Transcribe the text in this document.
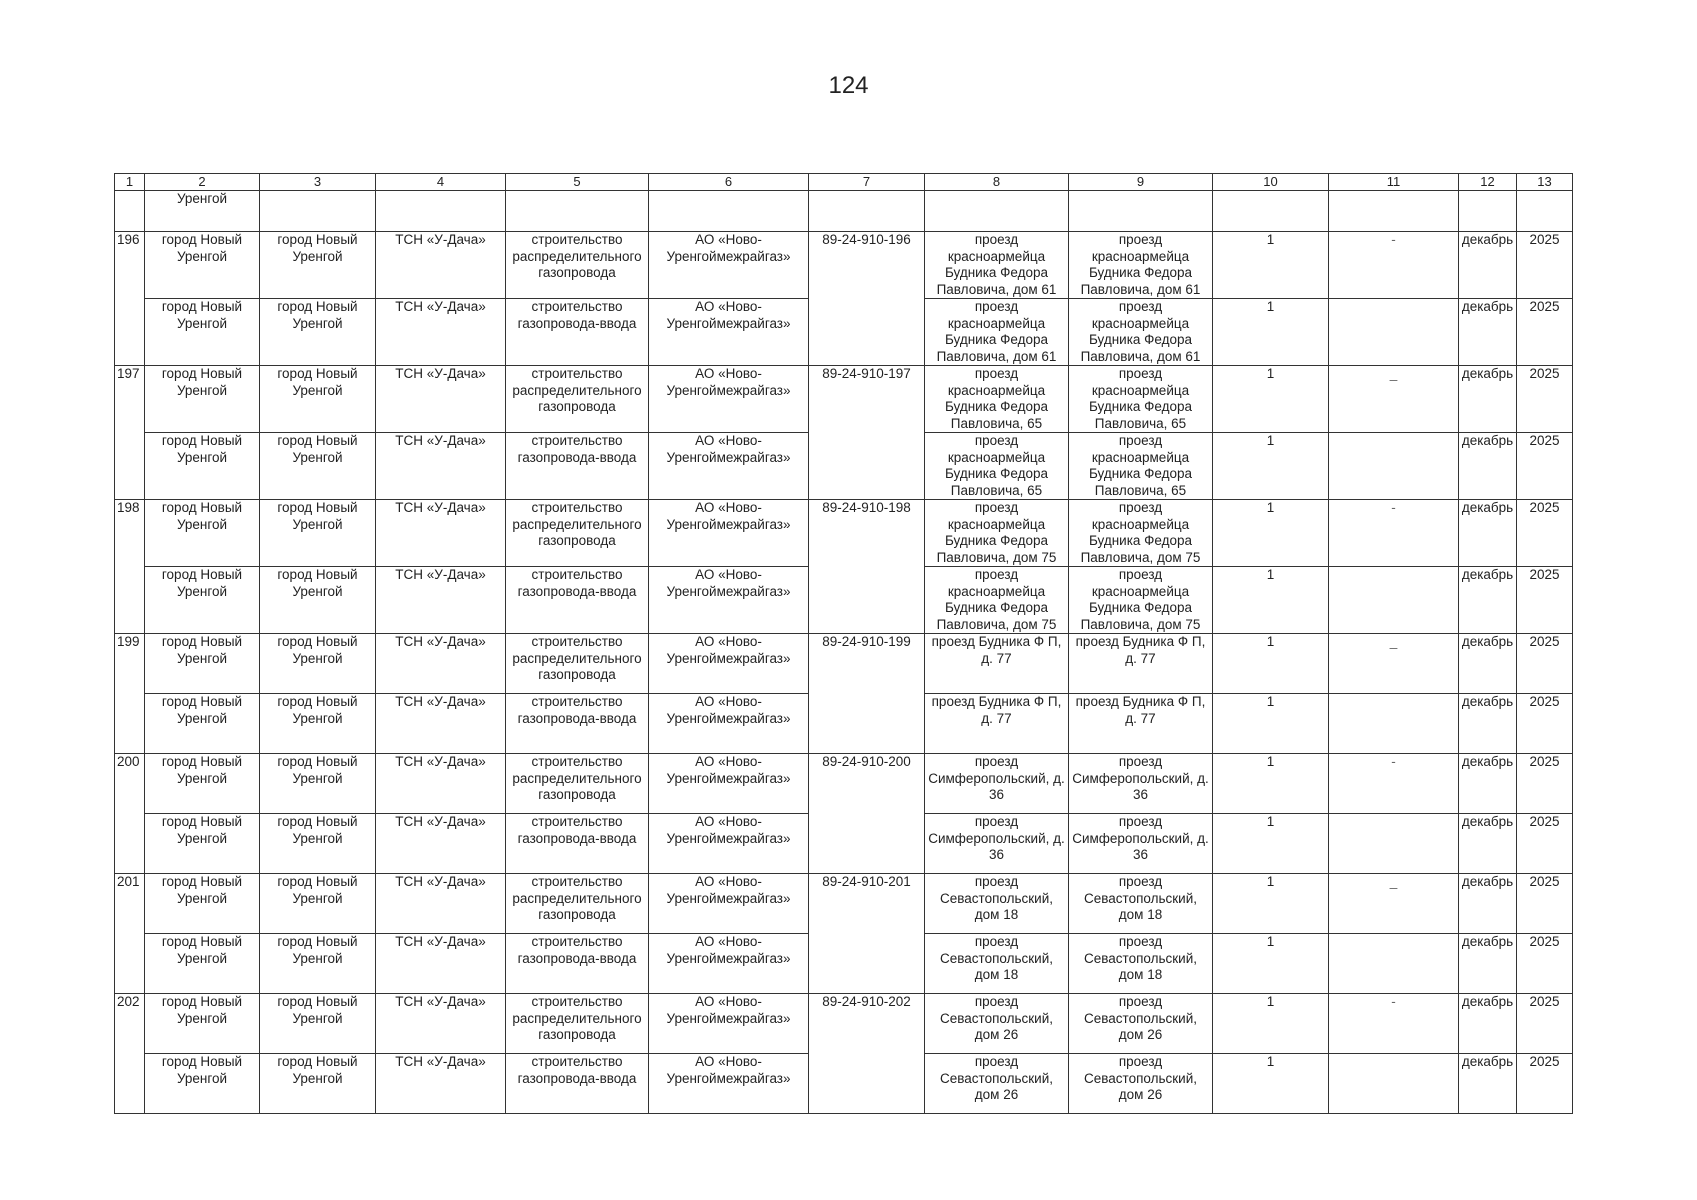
124
1	2	3	4	5	6	7	8	9	10	11	12	13
	Уренгой											
196	город Новый Уренгой	город Новый Уренгой	ТСН «У-Дача»	строительство распределительного газопровода	АО «Ново-Уренгоймежрайгаз»	89-24-910-196	проезд красноармейца Будника Федора Павловича, дом 61	проезд красноармейца Будника Федора Павловича, дом 61	1	-	декабрь	2025
	город Новый Уренгой	город Новый Уренгой	ТСН «У-Дача»	строительство газопровода-ввода	АО «Ново-Уренгоймежрайгаз»		проезд красноармейца Будника Федора Павловича, дом 61	проезд красноармейца Будника Федора Павловича, дом 61	1		декабрь	2025
197	город Новый Уренгой	город Новый Уренгой	ТСН «У-Дача»	строительство распределительного газопровода	АО «Ново-Уренгоймежрайгаз»	89-24-910-197	проезд красноармейца Будника Федора Павловича, 65	проезд красноармейца Будника Федора Павловича, 65	1	_	декабрь	2025
	город Новый Уренгой	город Новый Уренгой	ТСН «У-Дача»	строительство газопровода-ввода	АО «Ново-Уренгоймежрайгаз»		проезд красноармейца Будника Федора Павловича, 65	проезд красноармейца Будника Федора Павловича, 65	1		декабрь	2025
198	город Новый Уренгой	город Новый Уренгой	ТСН «У-Дача»	строительство распределительного газопровода	АО «Ново-Уренгоймежрайгаз»	89-24-910-198	проезд красноармейца Будника Федора Павловича, дом 75	проезд красноармейца Будника Федора Павловича, дом 75	1	-	декабрь	2025
	город Новый Уренгой	город Новый Уренгой	ТСН «У-Дача»	строительство газопровода-ввода	АО «Ново-Уренгоймежрайгаз»		проезд красноармейца Будника Федора Павловича, дом 75	проезд красноармейца Будника Федора Павловича, дом 75	1		декабрь	2025
199	город Новый Уренгой	город Новый Уренгой	ТСН «У-Дача»	строительство распределительного газопровода	АО «Ново-Уренгоймежрайгаз»	89-24-910-199	проезд Будника Ф П, д. 77	проезд Будника Ф П, д. 77	1	_	декабрь	2025
	город Новый Уренгой	город Новый Уренгой	ТСН «У-Дача»	строительство газопровода-ввода	АО «Ново-Уренгоймежрайгаз»		проезд Будника Ф П, д. 77	проезд Будника Ф П, д. 77	1		декабрь	2025
200	город Новый Уренгой	город Новый Уренгой	ТСН «У-Дача»	строительство распределительного газопровода	АО «Ново-Уренгоймежрайгаз»	89-24-910-200	проезд Симферопольский, д. 36	проезд Симферопольский, д. 36	1	-	декабрь	2025
	город Новый Уренгой	город Новый Уренгой	ТСН «У-Дача»	строительство газопровода-ввода	АО «Ново-Уренгоймежрайгаз»		проезд Симферопольский, д. 36	проезд Симферопольский, д. 36	1		декабрь	2025
201	город Новый Уренгой	город Новый Уренгой	ТСН «У-Дача»	строительство распределительного газопровода	АО «Ново-Уренгоймежрайгаз»	89-24-910-201	проезд Севастопольский, дом 18	проезд Севастопольский, дом 18	1	_	декабрь	2025
	город Новый Уренгой	город Новый Уренгой	ТСН «У-Дача»	строительство газопровода-ввода	АО «Ново-Уренгоймежрайгаз»		проезд Севастопольский, дом 18	проезд Севастопольский, дом 18	1		декабрь	2025
202	город Новый Уренгой	город Новый Уренгой	ТСН «У-Дача»	строительство распределительного газопровода	АО «Ново-Уренгоймежрайгаз»	89-24-910-202	проезд Севастопольский, дом 26	проезд Севастопольский, дом 26	1	-	декабрь	2025
	город Новый Уренгой	город Новый Уренгой	ТСН «У-Дача»	строительство газопровода-ввода	АО «Ново-Уренгоймежрайгаз»		проезд Севастопольский, дом 26	проезд Севастопольский, дом 26	1		декабрь	2025
